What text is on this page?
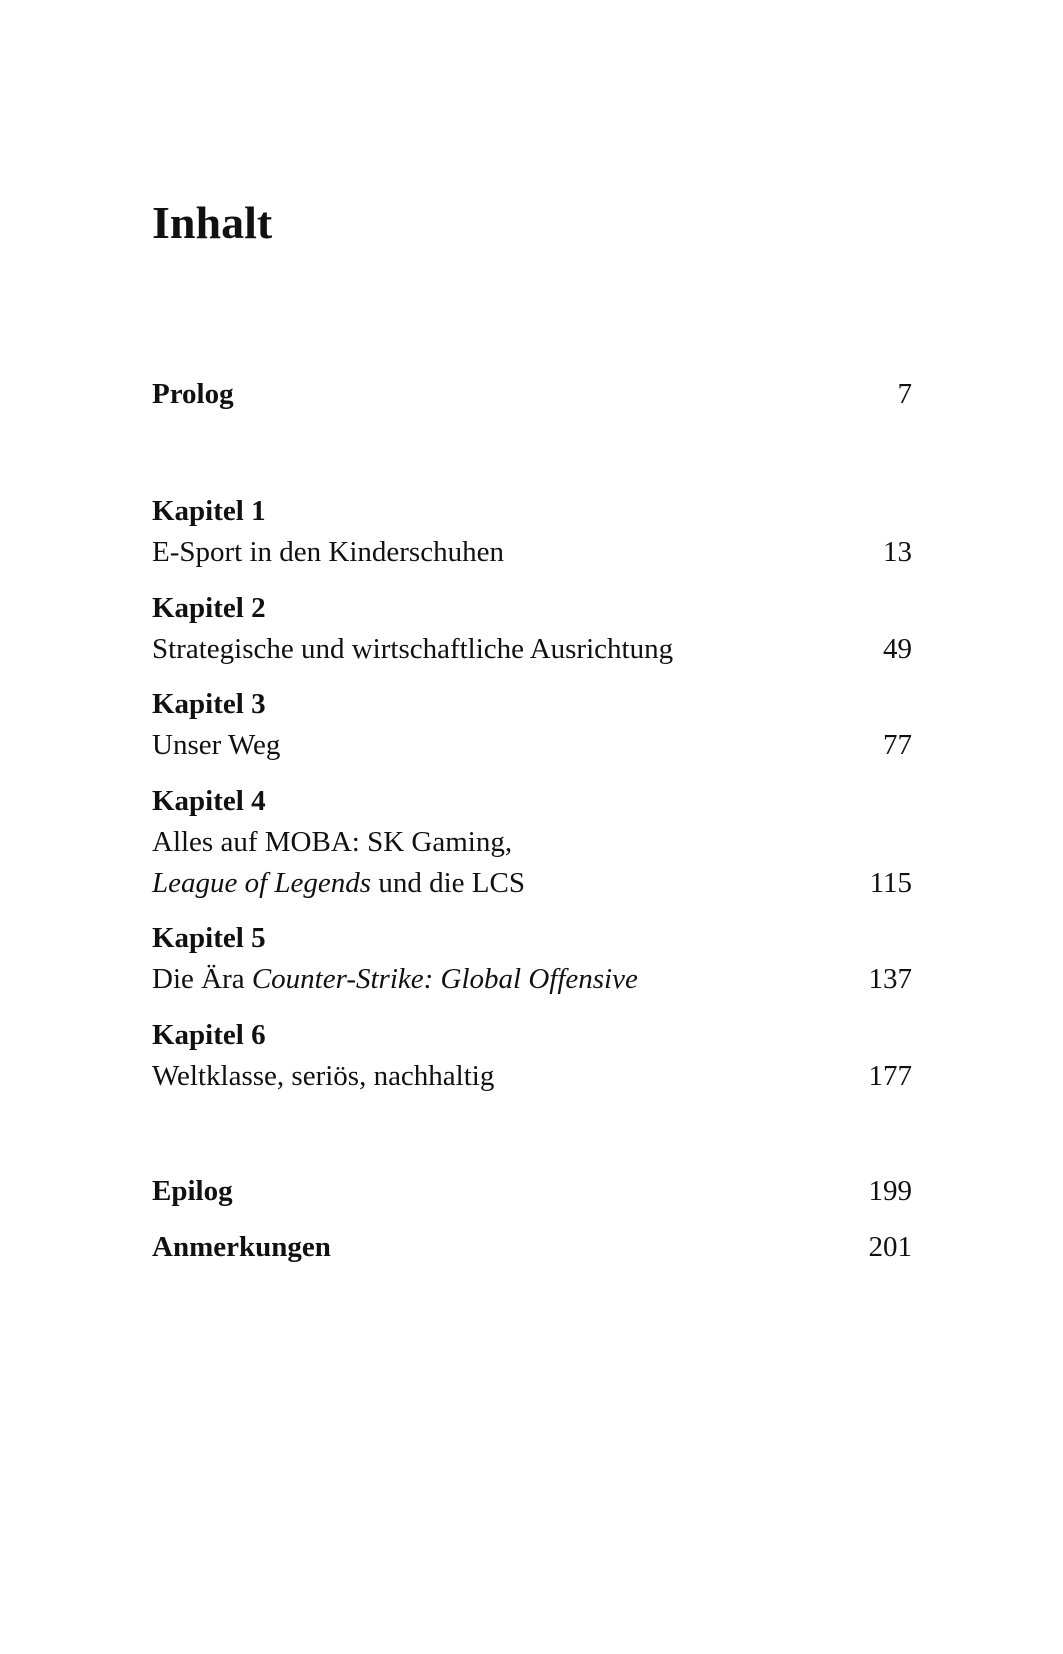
Inhalt
Prolog	7
Kapitel 1
E-Sport in den Kinderschuhen	13
Kapitel 2
Strategische und wirtschaftliche Ausrichtung	49
Kapitel 3
Unser Weg	77
Kapitel 4
Alles auf MOBA: SK Gaming,
League of Legends und die LCS	115
Kapitel 5
Die Ära Counter-Strike: Global Offensive	137
Kapitel 6
Weltklasse, seriös, nachhaltig	177
Epilog	199
Anmerkungen	201
